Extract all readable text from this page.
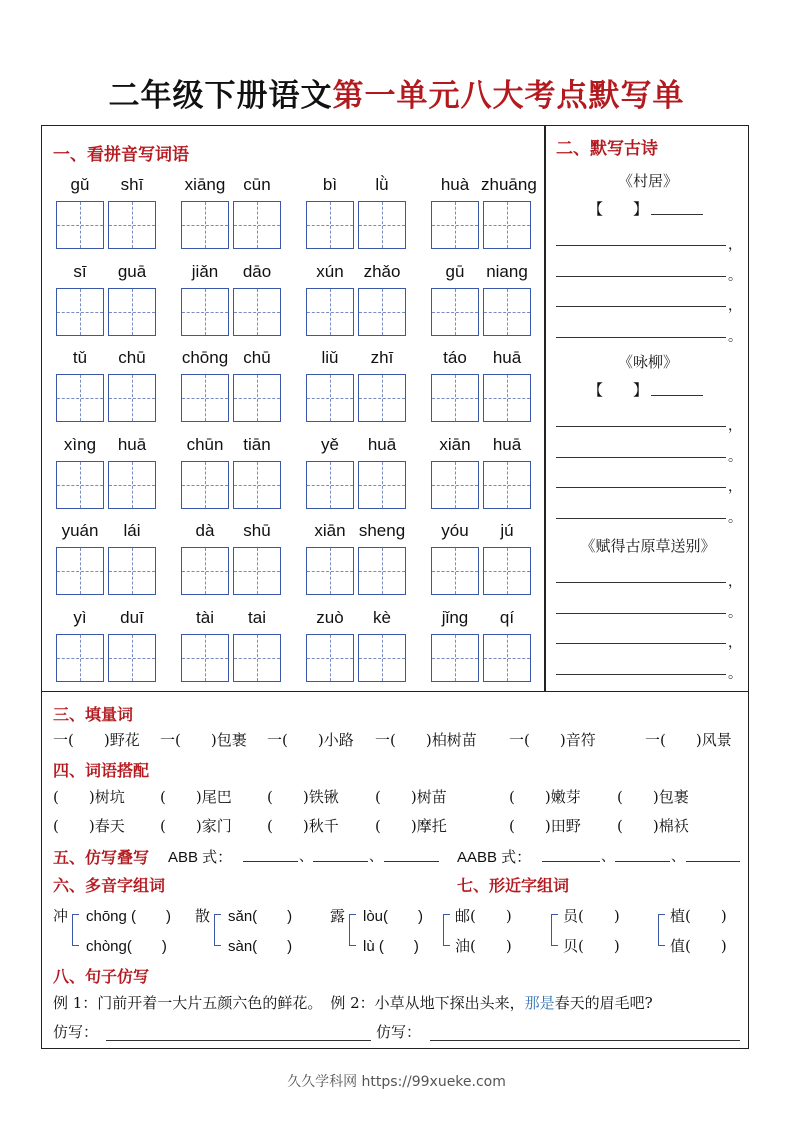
二年级下册语文第一单元八大考点默写单
一、看拼音写词语
gǔ	shī	xiāng	cūn	bì	lǜ	huà zhuāng
sī	guā	jiǎn	dāo	xún	zhǎo	gū	niang
tǔ	chū	chōng chū	liǔ	zhī	táo	huā
xìng	huā	chūn	tiān	yě	huā	xiān	huā
yuán	lái	dà	shū	xiān sheng	yóu	jú
yì	duī	tài	tai	zuò	kè	jǐng	qí
二、默写古诗
《村居》
【　　】
，
。
，
。
《咏柳》
【　　】
，
。
，
。
《赋得古原草送别》
，
。
，
。
三、填量词
一(　　)野花 一(　　)包裹 一(　　)小路 一(　　)柏树苗 一(　　)音符	一(　　)风景
四、词语搭配
(　　)树坑 (　　)尾巴 (　　)铁锹 (　　)树苗	(　　)嫩芽 (　　)包裹
(　　)春天 (　　)家门 (　　)秋千 (　　)摩托	(　　)田野 (　　)棉袄
五、仿写叠写 ABB 式：	、	、	AABB 式：	、	、
六、多音字组词	七、形近字组词
冲 chōng (　　)
chòng(　　)
散 sǎn(　　)
sàn(　　)
露 lòu(　　)
lù (　　)
邮(　　)
油(　　)
员(　　)
贝(　　)
植(　　)
值(　　)
八、句子仿写
例 1：门前开着一大片五颜六色的鲜花。 例 2：小草从地下探出头来，那是春天的眉毛吧?
仿写：	仿写：
久久学科网 https://99xueke.com
